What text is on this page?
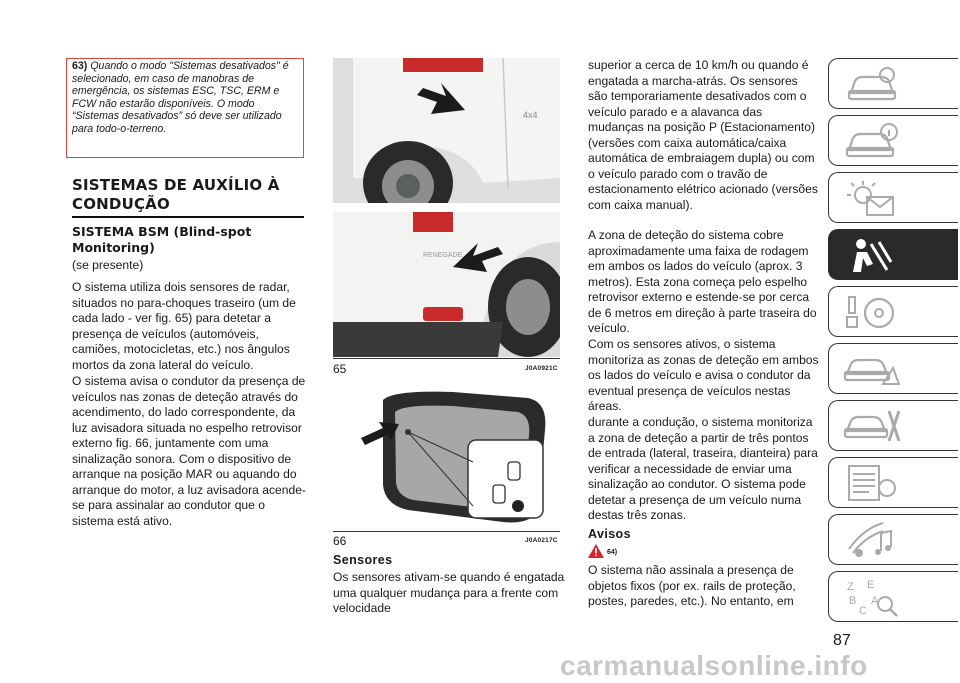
63) Quando o modo "Sistemas desativados" é selecionado, em caso de manobras de emergência, os sistemas ESC, TSC, ERM e FCW não estarão disponíveis. O modo “Sistemas desativados” só deve ser utilizado para todo-o-terreno.
SISTEMAS DE AUXÍLIO À CONDUÇÃO
SISTEMA BSM (Blind-spot Monitoring)

(se presente)

O sistema utiliza dois sensores de radar, situados no para-choques traseiro (um de cada lado - ver fig. 65) para detetar a presença de veículos (automóveis, camiões, motocicletas, etc.) nos ângulos mortos da zona lateral do veículo.

O sistema avisa o condutor da presença de veículos nas zonas de deteção através do acendimento, do lado correspondente, da luz avisadora situada no espelho retrovisor externo fig. 66, juntamente com uma sinalização sonora. Com o dispositivo de arranque na posição MAR ou aquando do arranque do motor, a luz avisadora acende-se para assinalar ao condutor que o sistema está ativo.

4x4
RENEGADE
65	J0A0921C
66	J0A0217C
Sensores

Os sensores ativam-se quando é engatada uma qualquer mudança para a frente com velocidade

superior a cerca de 10 km/h ou quando é engatada a marcha-atrás. Os sensores são temporariamente desativados com o veículo parado e a alavanca das mudanças na posição P (Estacionamento) (versões com caixa automática/caixa automática de embraiagem dupla) ou com o veículo parado com o travão de estacionamento elétrico acionado (versões com caixa manual).

A zona de deteção do sistema cobre aproximadamente uma faixa de rodagem em ambos os lados do veículo (aprox. 3 metros). Esta zona começa pelo espelho retrovisor externo e estende-se por cerca de 6 metros em direção à parte traseira do veículo.

Com os sensores ativos, o sistema monitoriza as zonas de deteção em ambos os lados do veículo e avisa o condutor da eventual presença de veículos nestas áreas.

durante a condução, o sistema monitoriza a zona de deteção a partir de três pontos de entrada (lateral, traseira, dianteira) para verificar a necessidade de enviar uma sinalização ao condutor. O sistema pode detetar a presença de um veículo numa destas três zonas.

Avisos
64)

O sistema não assinala a presença de objetos fixos (por ex. rails de proteção, postes, paredes, etc.). No entanto, em

Z E
B
C
A
87
carmanualsonline.info
